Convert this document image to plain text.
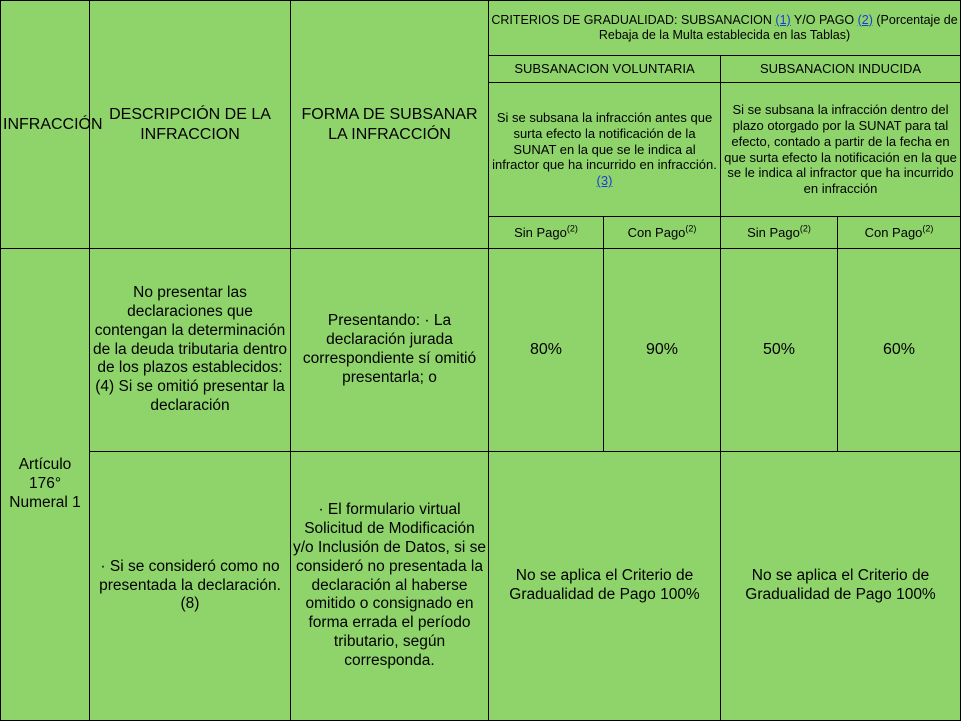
INFRACCIÓN	DESCRIPCIÓN DE LA INFRACCION	FORMA DE SUBSANAR LA INFRACCIÓN	CRITERIOS DE GRADUALIDAD: SUBSANACION (1) Y/O PAGO (2) (Porcentaje de Rebaja de la Multa establecida en las Tablas)			
			SUBSANACION VOLUNTARIA		SUBSANACION INDUCIDA	
			Si se subsana la infracción antes que surta efecto la notificación de la SUNAT en la que se le indica al infractor que ha incurrido en infracción. (3)		Si se subsana la infracción dentro del plazo otorgado por la SUNAT para tal efecto, contado a partir de la fecha en que surta efecto la notificación en la que se le indica al infractor que ha incurrido en infracción	
			Sin Pago$^{(2)}$	Con Pago$^{(2)}$	Sin Pago$^{(2)}$	Con Pago$^{(2)}$
Artículo 176° Numeral 1	No presentar las declaraciones que contengan la determinación de la deuda tributaria dentro de los plazos establecidos: (4) Si se omitió presentar la declaración	Presentando: · La declaración jurada correspondiente sí omitió presentarla; o	80%	90%	50%	60%
	· Si se consideró como no presentada la declaración. (8)	· El formulario virtual Solicitud de Modificación y/o Inclusión de Datos, si se consideró no presentada la declaración al haberse omitido o consignado en forma errada el período tributario, según corresponda.	No se aplica el Criterio de Gradualidad de Pago 100%		No se aplica el Criterio de Gradualidad de Pago 100%	
